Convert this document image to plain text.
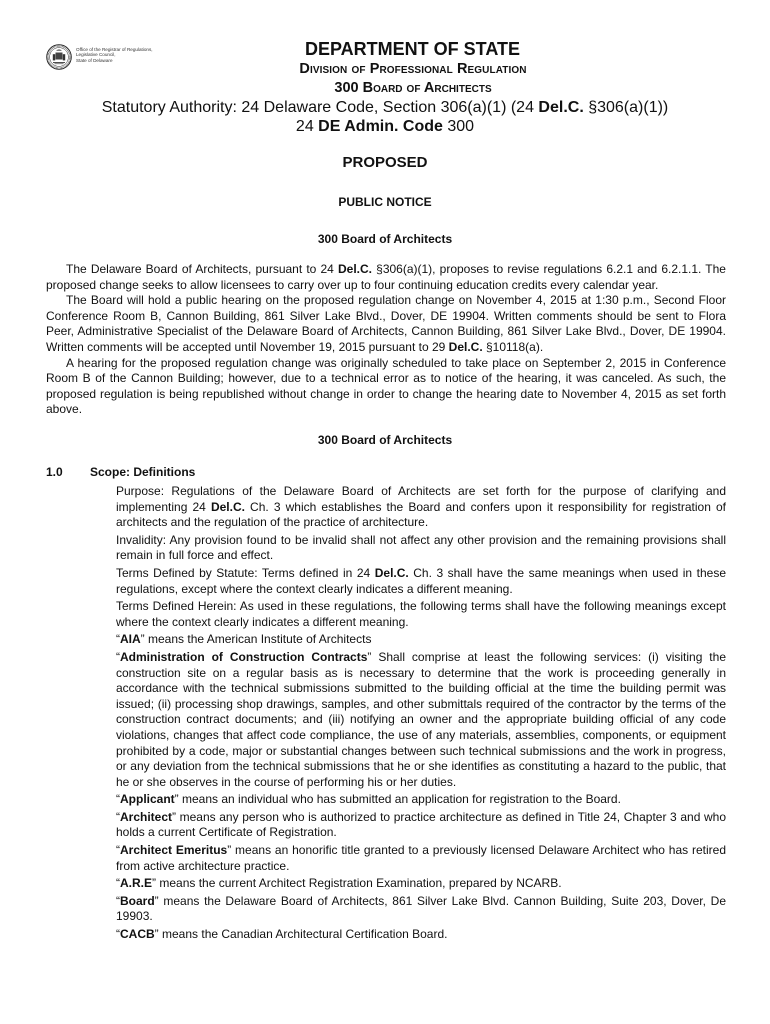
Office of the Registrar of Regulations,
Legislative Council,
State of Delaware
DEPARTMENT OF STATE
Division of Professional Regulation
300 Board of Architects
Statutory Authority: 24 Delaware Code, Section 306(a)(1) (24 Del.C. §306(a)(1))
24 DE Admin. Code 300
PROPOSED
PUBLIC NOTICE
300 Board of Architects

The Delaware Board of Architects, pursuant to 24 Del.C. §306(a)(1), proposes to revise regulations 6.2.1 and 6.2.1.1. The proposed change seeks to allow licensees to carry over up to four continuing education credits every calendar year.

The Board will hold a public hearing on the proposed regulation change on November 4, 2015 at 1:30 p.m., Second Floor Conference Room B, Cannon Building, 861 Silver Lake Blvd., Dover, DE 19904. Written comments should be sent to Flora Peer, Administrative Specialist of the Delaware Board of Architects, Cannon Building, 861 Silver Lake Blvd., Dover, DE 19904. Written comments will be accepted until November 19, 2015 pursuant to 29 Del.C. §10118(a).

A hearing for the proposed regulation change was originally scheduled to take place on September 2, 2015 in Conference Room B of the Cannon Building; however, due to a technical error as to notice of the hearing, it was canceled. As such, the proposed regulation is being republished without change in order to change the hearing date to November 4, 2015 as set forth above.

300 Board of Architects
1.0 Scope: Definitions

Purpose: Regulations of the Delaware Board of Architects are set forth for the purpose of clarifying and implementing 24 Del.C. Ch. 3 which establishes the Board and confers upon it responsibility for registration of architects and the regulation of the practice of architecture.

Invalidity: Any provision found to be invalid shall not affect any other provision and the remaining provisions shall remain in full force and effect.

Terms Defined by Statute: Terms defined in 24 Del.C. Ch. 3 shall have the same meanings when used in these regulations, except where the context clearly indicates a different meaning.

Terms Defined Herein: As used in these regulations, the following terms shall have the following meanings except where the context clearly indicates a different meaning.

“AIA” means the American Institute of Architects

“Administration of Construction Contracts” Shall comprise at least the following services: (i) visiting the construction site on a regular basis as is necessary to determine that the work is proceeding generally in accordance with the technical submissions submitted to the building official at the time the building permit was issued; (ii) processing shop drawings, samples, and other submittals required of the contractor by the terms of the construction contract documents; and (iii) notifying an owner and the appropriate building official of any code violations, changes that affect code compliance, the use of any materials, assemblies, components, or equipment prohibited by a code, major or substantial changes between such technical submissions and the work in progress, or any deviation from the technical submissions that he or she identifies as constituting a hazard to the public, that he or she observes in the course of performing his or her duties.

“Applicant” means an individual who has submitted an application for registration to the Board.

“Architect” means any person who is authorized to practice architecture as defined in Title 24, Chapter 3 and who holds a current Certificate of Registration.

“Architect Emeritus” means an honorific title granted to a previously licensed Delaware Architect who has retired from active architecture practice.

“A.R.E” means the current Architect Registration Examination, prepared by NCARB.

“Board” means the Delaware Board of Architects, 861 Silver Lake Blvd. Cannon Building, Suite 203, Dover, De 19903.

“CACB” means the Canadian Architectural Certification Board.
